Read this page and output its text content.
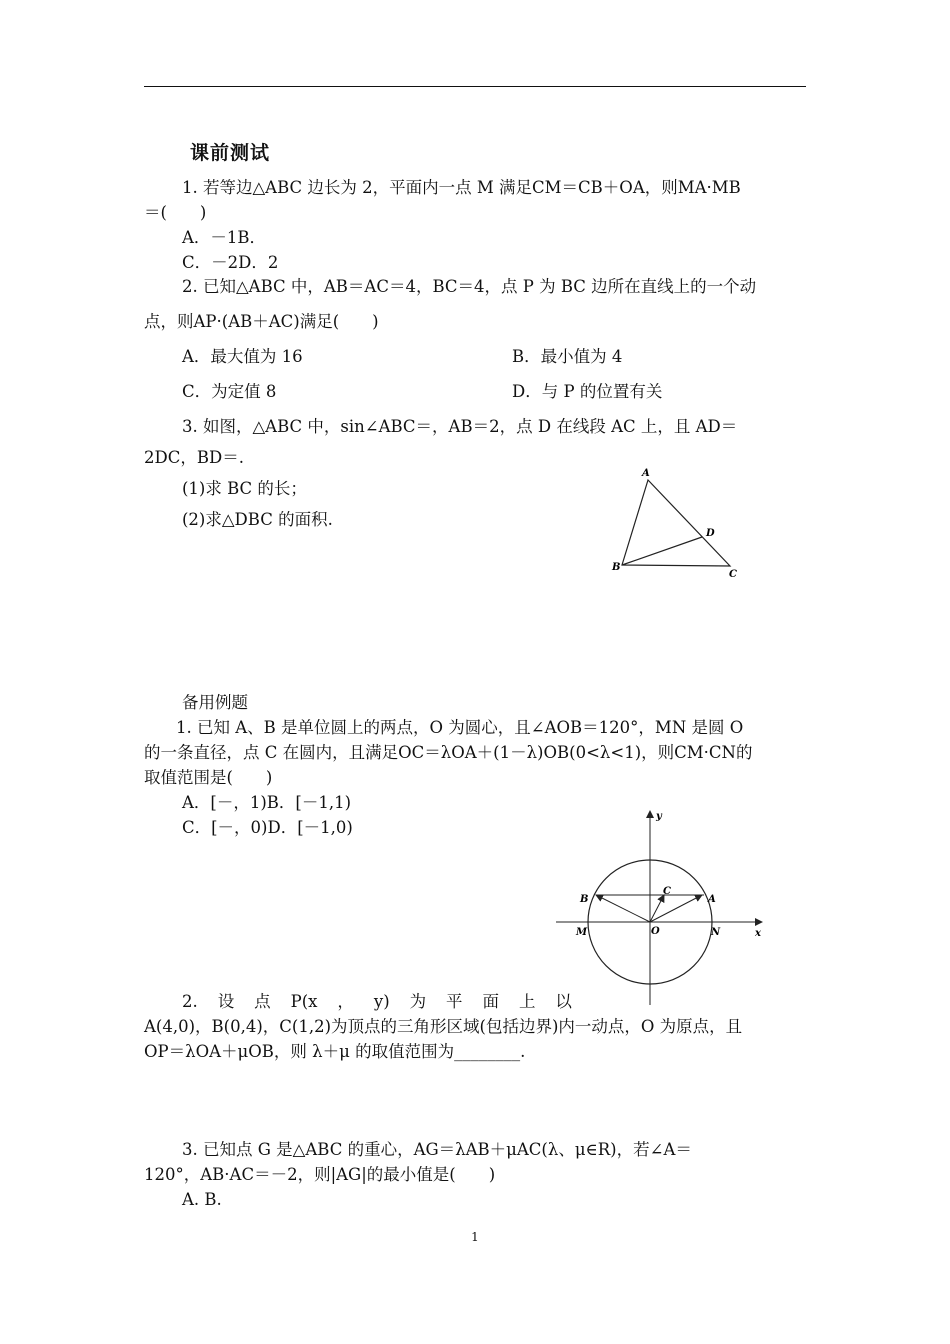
课前测试
1. 若等边△ABC 边长为 2，平面内一点 M 满足CM＝CB＋OA，则MA·MB
＝(　　)
A．－1B．
C．－2D．2
2. 已知△ABC 中，AB＝AC＝4，BC＝4，点 P 为 BC 边所在直线上的一个动
点，则AP·(AB＋AC)满足(　　)
A．最大值为 16	B．最小值为 4
C．为定值 8	D．与 P 的位置有关
3. 如图，△ABC 中，sin∠ABC＝，AB＝2，点 D 在线段 AC 上，且 AD＝
2DC，BD＝.
(1)求 BC 的长；
(2)求△DBC 的面积.
A
B
C
D
备用例题
1. 已知 A、B 是单位圆上的两点，O 为圆心，且∠AOB＝120°，MN 是圆 O
的一条直径，点 C 在圆内，且满足OC＝λOA＋(1－λ)OB(0<λ<1)，则CM·CN的
取值范围是(　　)
A．[－，1)B．[－1,1)
C．[－，0)D．[－1,0)
y
x
A
B
C
O
M	N
2. 设 点 P(x ， y) 为 平 面 上 以
A(4,0)，B(0,4)，C(1,2)为顶点的三角形区域(包括边界)内一动点，O 为原点，且
OP＝λOA＋μOB，则 λ＋μ 的取值范围为________.
3. 已知点 G 是△ABC 的重心，AG＝λAB＋μAC(λ、μ∈R)，若∠A＝
120°，AB·AC＝－2，则|AG|的最小值是(　　)
A. B.
1
